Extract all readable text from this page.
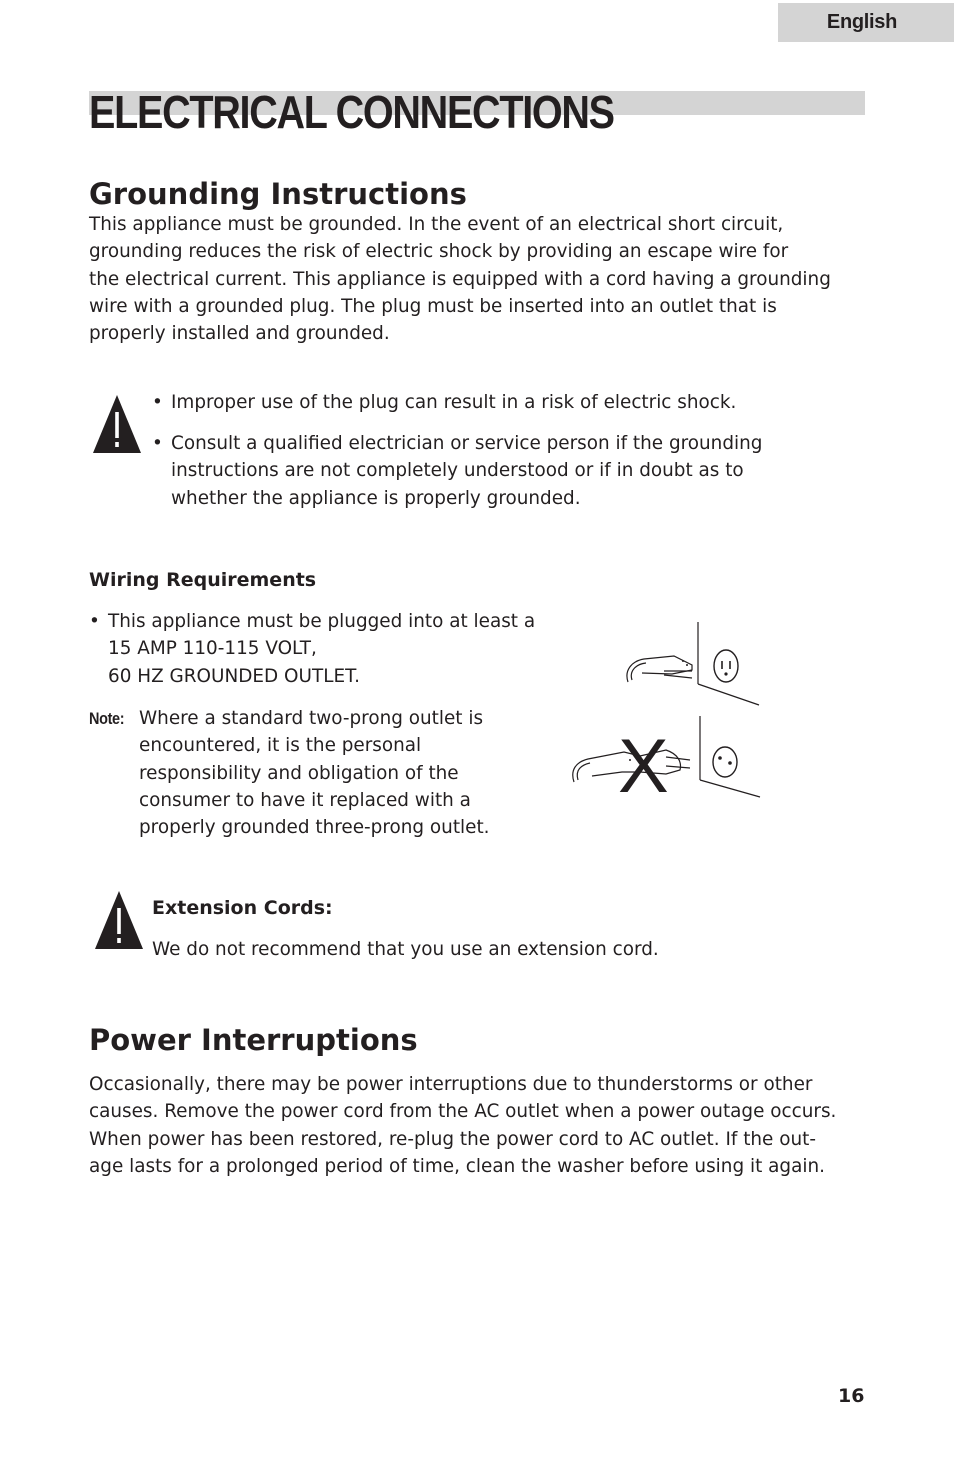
English
ELECTRICAL CONNECTIONS
Grounding Instructions

This appliance must be grounded. In the event of an electrical short circuit,
grounding reduces the risk of electric shock by providing an escape wire for
the electrical current. This appliance is equipped with a cord having a grounding
wire with a grounded plug. The plug must be inserted into an outlet that is
properly installed and grounded.

• Improper use of the plug can result in a risk of electric shock.
• Consult a qualified electrician or service person if the grounding
instructions are not completely understood or if in doubt as to
whether the appliance is properly grounded.
Wiring Requirements
• This appliance must be plugged into at least a
15 AMP 110-115 VOLT,
60 HZ GROUNDED OUTLET.
Note: Where a standard two-prong outlet is
encountered, it is the personal
responsibility and obligation of the
consumer to have it replaced with a
properly grounded three-prong outlet.
X
Extension Cords:

We do not recommend that you use an extension cord.

Power Interruptions

Occasionally, there may be power interruptions due to thunderstorms or other
causes. Remove the power cord from the AC outlet when a power outage occurs.
When power has been restored, re-plug the power cord to AC outlet. If the out-
age lasts for a prolonged period of time, clean the washer before using it again.

16
